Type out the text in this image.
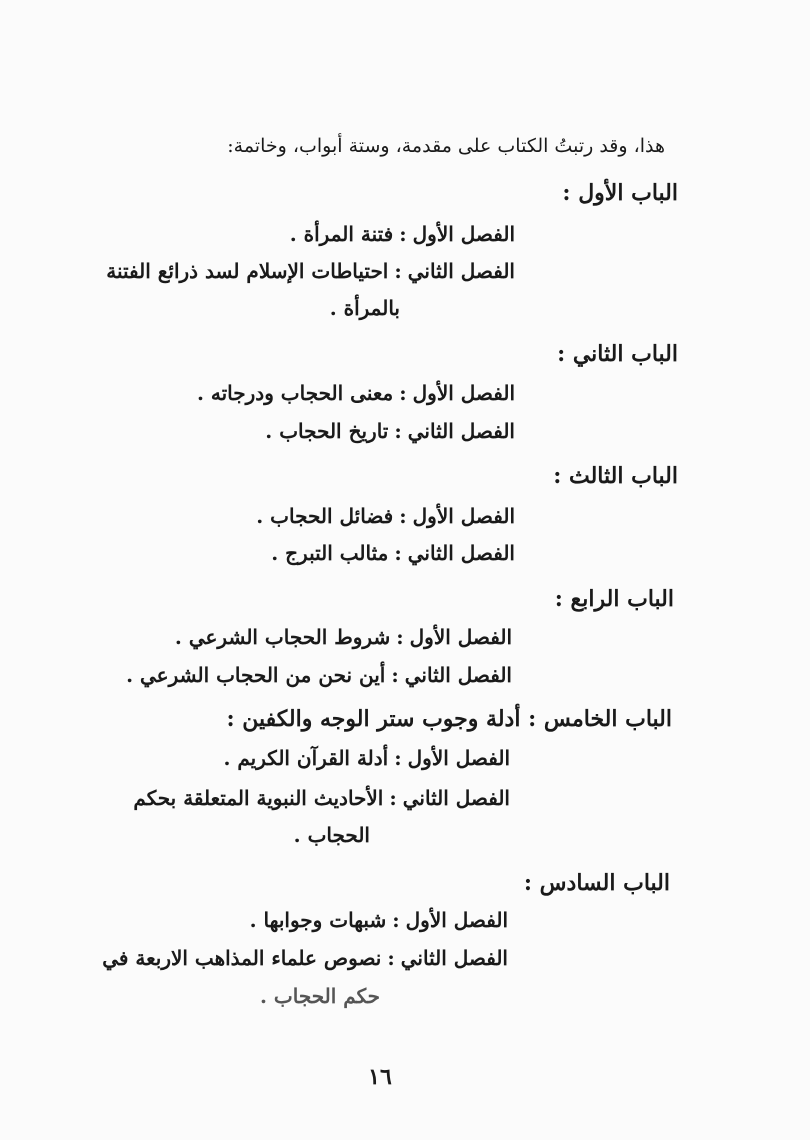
هذا، وقد رتبتُ الكتاب على مقدمة، وستة أبواب، وخاتمة:
الباب الأول :
الفصل الأول:فتنة المرأة .
الفصل الثاني:احتياطات الإسلام لسد ذرائع الفتنة
بالمرأة .
الباب الثاني :
الفصل الأول:معنى الحجاب ودرجاته .
الفصل الثاني:تاريخ الحجاب .
الباب الثالث :
الفصل الأول:فضائل الحجاب .
الفصل الثاني:مثالب التبرج .
الباب الرابع :
الفصل الأول:شروط الحجاب الشرعي .
الفصل الثاني:أين نحن من الحجاب الشرعي .
الباب الخامس : أدلة وجوب ستر الوجه والكفين :
الفصل الأول:أدلة القرآن الكريم .
الفصل الثاني:الأحاديث النبوية المتعلقة بحكم
الحجاب .
الباب السادس :
الفصل الأول:شبهات وجوابها .
الفصل الثاني:نصوص علماء المذاهب الاربعة في
حكم الحجاب .
١٦
